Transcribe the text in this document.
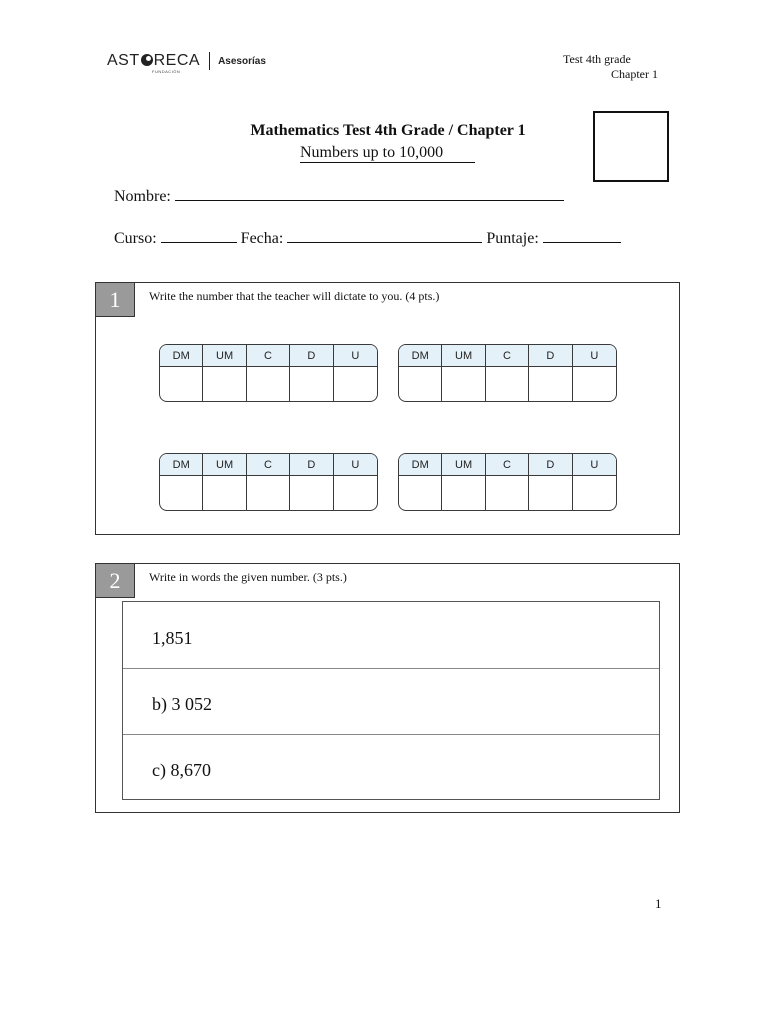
AST RECA
FUNDACIÓN
Asesorías	Test 4th grade
Chapter 1
Mathematics Test 4th Grade / Chapter 1
Numbers up to 10,000
Nombre:
Curso:	Fecha:	Puntaje:
1	Write the number that the teacher will dictate to you. (4 pts.)
DM	UM	C	D	U	DM	UM	C	D	U
DM	UM	C	D	U	DM	UM	C	D	U
2	Write in words the given number. (3 pts.)
1,851
b) 3 052
c) 8,670
1
